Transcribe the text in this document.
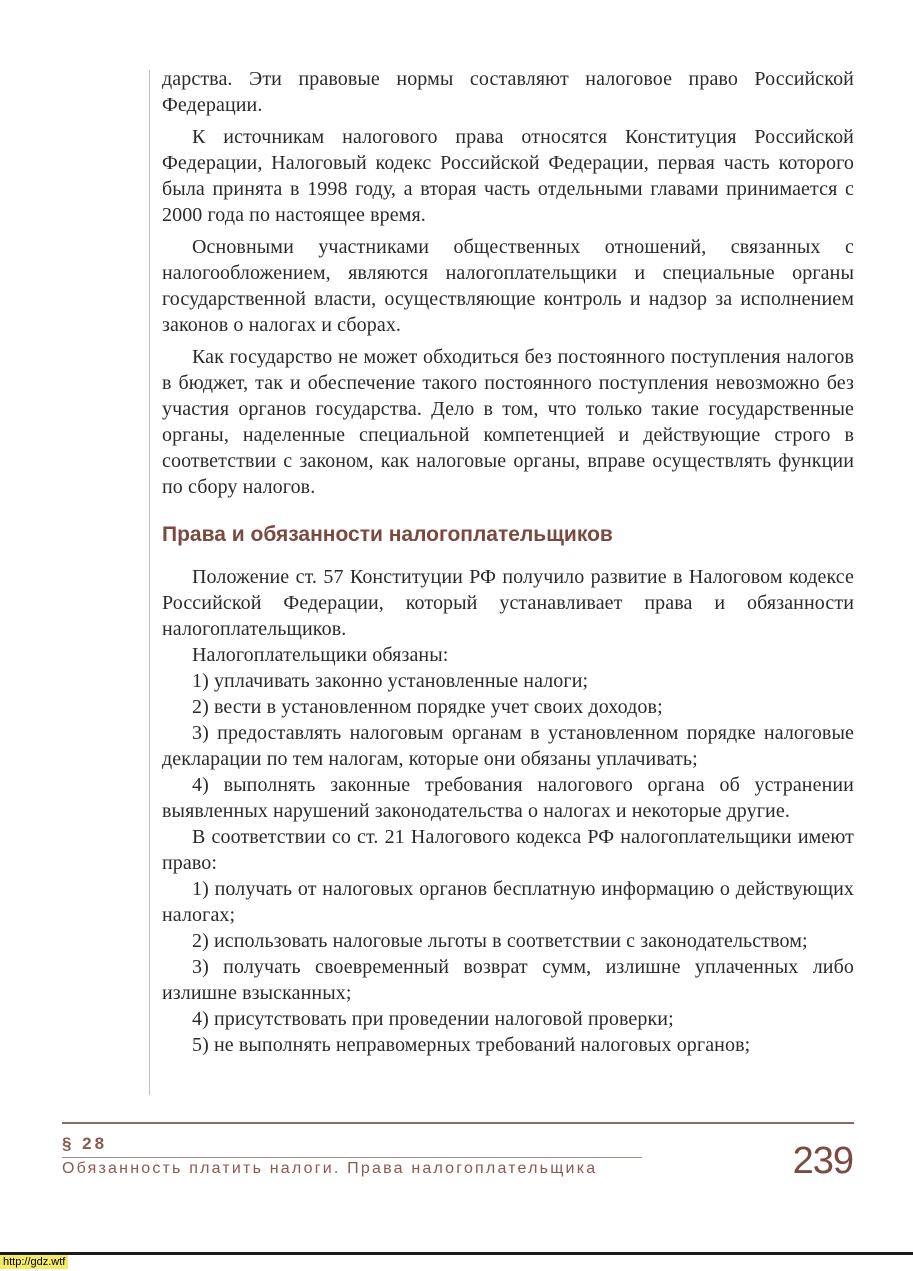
дарства. Эти правовые нормы составляют налоговое право Российской Федерации.

К источникам налогового права относятся Конституция Российской Федерации, Налоговый кодекс Российской Федерации, первая часть которого была принята в 1998 году, а вторая часть отдельными главами принимается с 2000 года по настоящее время.

Основными участниками общественных отношений, связанных с налогообложением, являются налогоплательщики и специальные органы государственной власти, осуществляющие контроль и надзор за исполнением законов о налогах и сборах.

Как государство не может обходиться без постоянного поступления налогов в бюджет, так и обеспечение такого постоянного поступления невозможно без участия органов государства. Дело в том, что только такие государственные органы, наделенные специальной компетенцией и действующие строго в соответствии с законом, как налоговые органы, вправе осуществлять функции по сбору налогов.

Права и обязанности налогоплательщиков

Положение ст. 57 Конституции РФ получило развитие в Налоговом кодексе Российской Федерации, который устанавливает права и обязанности налогоплательщиков.

Налогоплательщики обязаны:

1) уплачивать законно установленные налоги;

2) вести в установленном порядке учет своих доходов;

3) предоставлять налоговым органам в установленном порядке налоговые декларации по тем налогам, которые они обязаны уплачивать;

4) выполнять законные требования налогового органа об устранении выявленных нарушений законодательства о налогах и некоторые другие.

В соответствии со ст. 21 Налогового кодекса РФ налогоплательщики имеют право:

1) получать от налоговых органов бесплатную информацию о действующих налогах;

2) использовать налоговые льготы в соответствии с законодательством;

3) получать своевременный возврат сумм, излишне уплаченных либо излишне взысканных;

4) присутствовать при проведении налоговой проверки;

5) не выполнять неправомерных требований налоговых органов;

§ 28
Обязанность платить налоги. Права налогоплательщика	239
http://gdz.wtf
